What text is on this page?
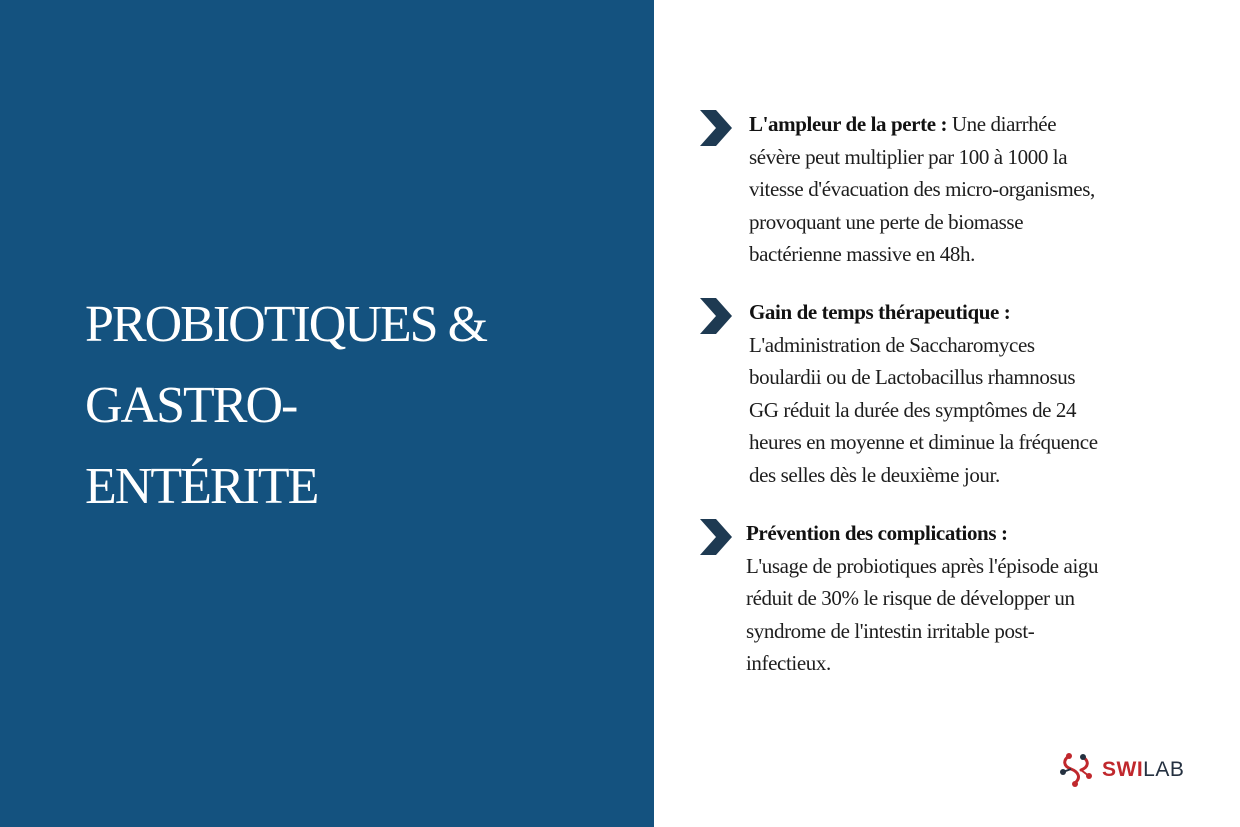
PROBIOTIQUES &
GASTRO-
ENTÉRITE
L'ampleur de la perte : Une diarrhée
sévère peut multiplier par 100 à 1000 la
vitesse d'évacuation des micro-organismes,
provoquant une perte de biomasse
bactérienne massive en 48h.
Gain de temps thérapeutique :
L'administration de Saccharomyces
boulardii ou de Lactobacillus rhamnosus
GG réduit la durée des symptômes de 24
heures en moyenne et diminue la fréquence
des selles dès le deuxième jour.
Prévention des complications :
L'usage de probiotiques après l'épisode aigu
réduit de 30% le risque de développer un
syndrome de l'intestin irritable post-
infectieux.
SWILAB
